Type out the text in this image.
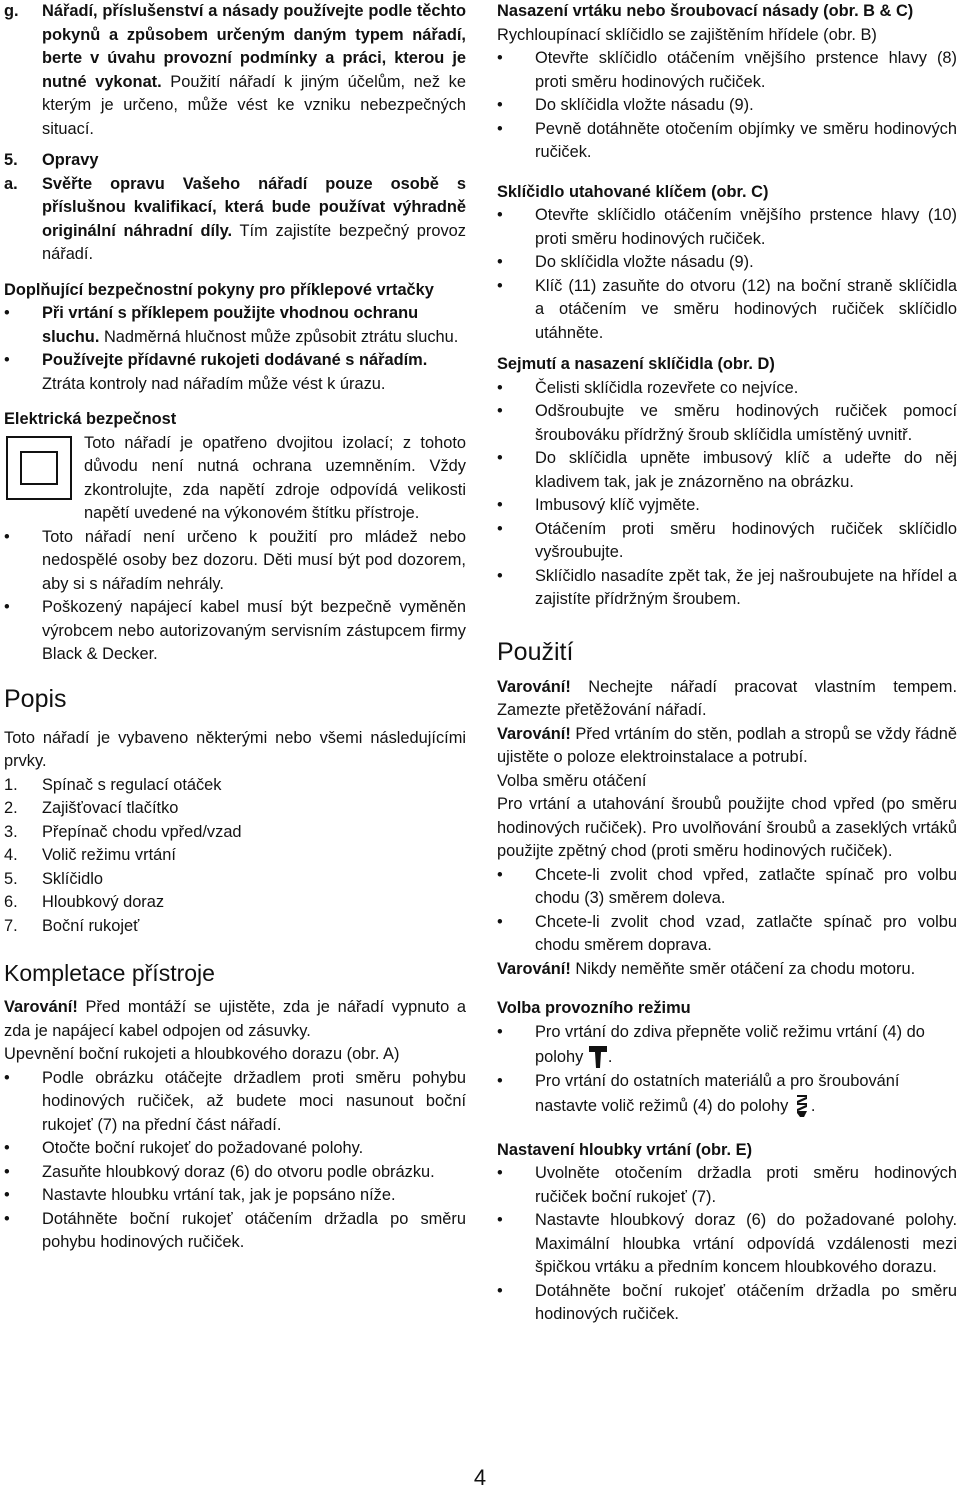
g. Nářadí, příslušenství a násady používejte podle těchto pokynů a způsobem určeným daným typem nářadí, berte v úvahu provozní podmínky a práci, kterou je nutné vykonat. Použití nářadí k jiným účelům, než ke kterým je určeno, může vést ke vzniku nebezpečných situací.

5. Opravy

a. Svěřte opravu Vašeho nářadí pouze osobě s příslušnou kvalifikací, která bude používat výhradně originální náhradní díly. Tím zajistíte bezpečný provoz nářadí.

Doplňující bezpečnostní pokyny pro příklepové vrtačky

• Při vrtání s příklepem použijte vhodnou ochranu sluchu. Nadměrná hlučnost může způsobit ztrátu sluchu.

• Používejte přídavné rukojeti dodávané s nářadím. Ztráta kontroly nad nářadím může vést k úrazu.

Elektrická bezpečnost

Toto nářadí je opatřeno dvojitou izolací; z tohoto důvodu není nutná ochrana uzemněním. Vždy zkontrolujte, zda napětí zdroje odpovídá velikosti napětí uvedené na výkonovém štítku přístroje.

• Toto nářadí není určeno k použití pro mládež nebo nedospělé osoby bez dozoru. Děti musí být pod dozorem, aby si s nářadím nehrály.

• Poškozený napájecí kabel musí být bezpečně vyměněn výrobcem nebo autorizovaným servisním zástupcem firmy Black & Decker.

Popis

Toto nářadí je vybaveno některými nebo všemi následujícími prvky.

1. Spínač s regulací otáček

2. Zajišťovací tlačítko

3. Přepínač chodu vpřed/vzad

4. Volič režimu vrtání

5. Sklíčidlo

6. Hloubkový doraz

7. Boční rukojeť

Kompletace přístroje

Varování! Před montáží se ujistěte, zda je nářadí vypnuto a zda je napájecí kabel odpojen od zásuvky.

Upevnění boční rukojeti a hloubkového dorazu (obr. A)

• Podle obrázku otáčejte držadlem proti směru pohybu hodinových ručiček, až budete moci nasunout boční rukojeť (7) na přední část nářadí.

• Otočte boční rukojeť do požadované polohy.

• Zasuňte hloubkový doraz (6) do otvoru podle obrázku.

• Nastavte hloubku vrtání tak, jak je popsáno níže.

• Dotáhněte boční rukojeť otáčením držadla po směru pohybu hodinových ručiček.

Nasazení vrtáku nebo šroubovací násady (obr. B & C)

Rychloupínací sklíčidlo se zajištěním hřídele (obr. B)

• Otevřte sklíčidlo otáčením vnějšího prstence hlavy (8) proti směru hodinových ručiček.

• Do sklíčidla vložte násadu (9).

• Pevně dotáhněte otočením objímky ve směru hodinových ručiček.

Sklíčidlo utahované klíčem (obr. C)

• Otevřte sklíčidlo otáčením vnějšího prstence hlavy (10) proti směru hodinových ručiček.

• Do sklíčidla vložte násadu (9).

• Klíč (11) zasuňte do otvoru (12) na boční straně sklíčidla a otáčením ve směru hodinových ručiček sklíčidlo utáhněte.

Sejmutí a nasazení sklíčidla (obr. D)

• Čelisti sklíčidla rozevřete co nejvíce.

• Odšroubujte ve směru hodinových ručiček pomocí šroubováku přídržný šroub sklíčidla umístěný uvnitř.

• Do sklíčidla upněte imbusový klíč a udeřte do něj kladivem tak, jak je znázorněno na obrázku.

• Imbusový klíč vyjměte.

• Otáčením proti směru hodinových ručiček sklíčidlo vyšroubujte.

• Sklíčidlo nasadíte zpět tak, že jej našroubujete na hřídel a zajistíte přídržným šroubem.

Použití

Varování! Nechejte nářadí pracovat vlastním tempem. Zamezte přetěžování nářadí.

Varování! Před vrtáním do stěn, podlah a stropů se vždy řádně ujistěte o poloze elektroinstalace a potrubí.

Volba směru otáčení

Pro vrtání a utahování šroubů použijte chod vpřed (po směru hodinových ručiček). Pro uvolňování šroubů a zaseklých vrtáků použijte zpětný chod (proti směru hodinových ručiček).

• Chcete-li zvolit chod vpřed, zatlačte spínač pro volbu chodu (3) směrem doleva.

• Chcete-li zvolit chod vzad, zatlačte spínač pro volbu chodu směrem doprava.

Varování! Nikdy neměňte směr otáčení za chodu motoru.

Volba provozního režimu

• Pro vrtání do zdiva přepněte volič režimu vrtání (4) do polohy .

• Pro vrtání do ostatních materiálů a pro šroubování nastavte volič režimů (4) do polohy .

Nastavení hloubky vrtání (obr. E)

• Uvolněte otočením držadla proti směru hodinových ručiček boční rukojeť (7).

• Nastavte hloubkový doraz (6) do požadované polohy. Maximální hloubka vrtání odpovídá vzdálenosti mezi špičkou vrtáku a předním koncem hloubkového dorazu.

• Dotáhněte boční rukojeť otáčením držadla po směru hodinových ručiček.

4
